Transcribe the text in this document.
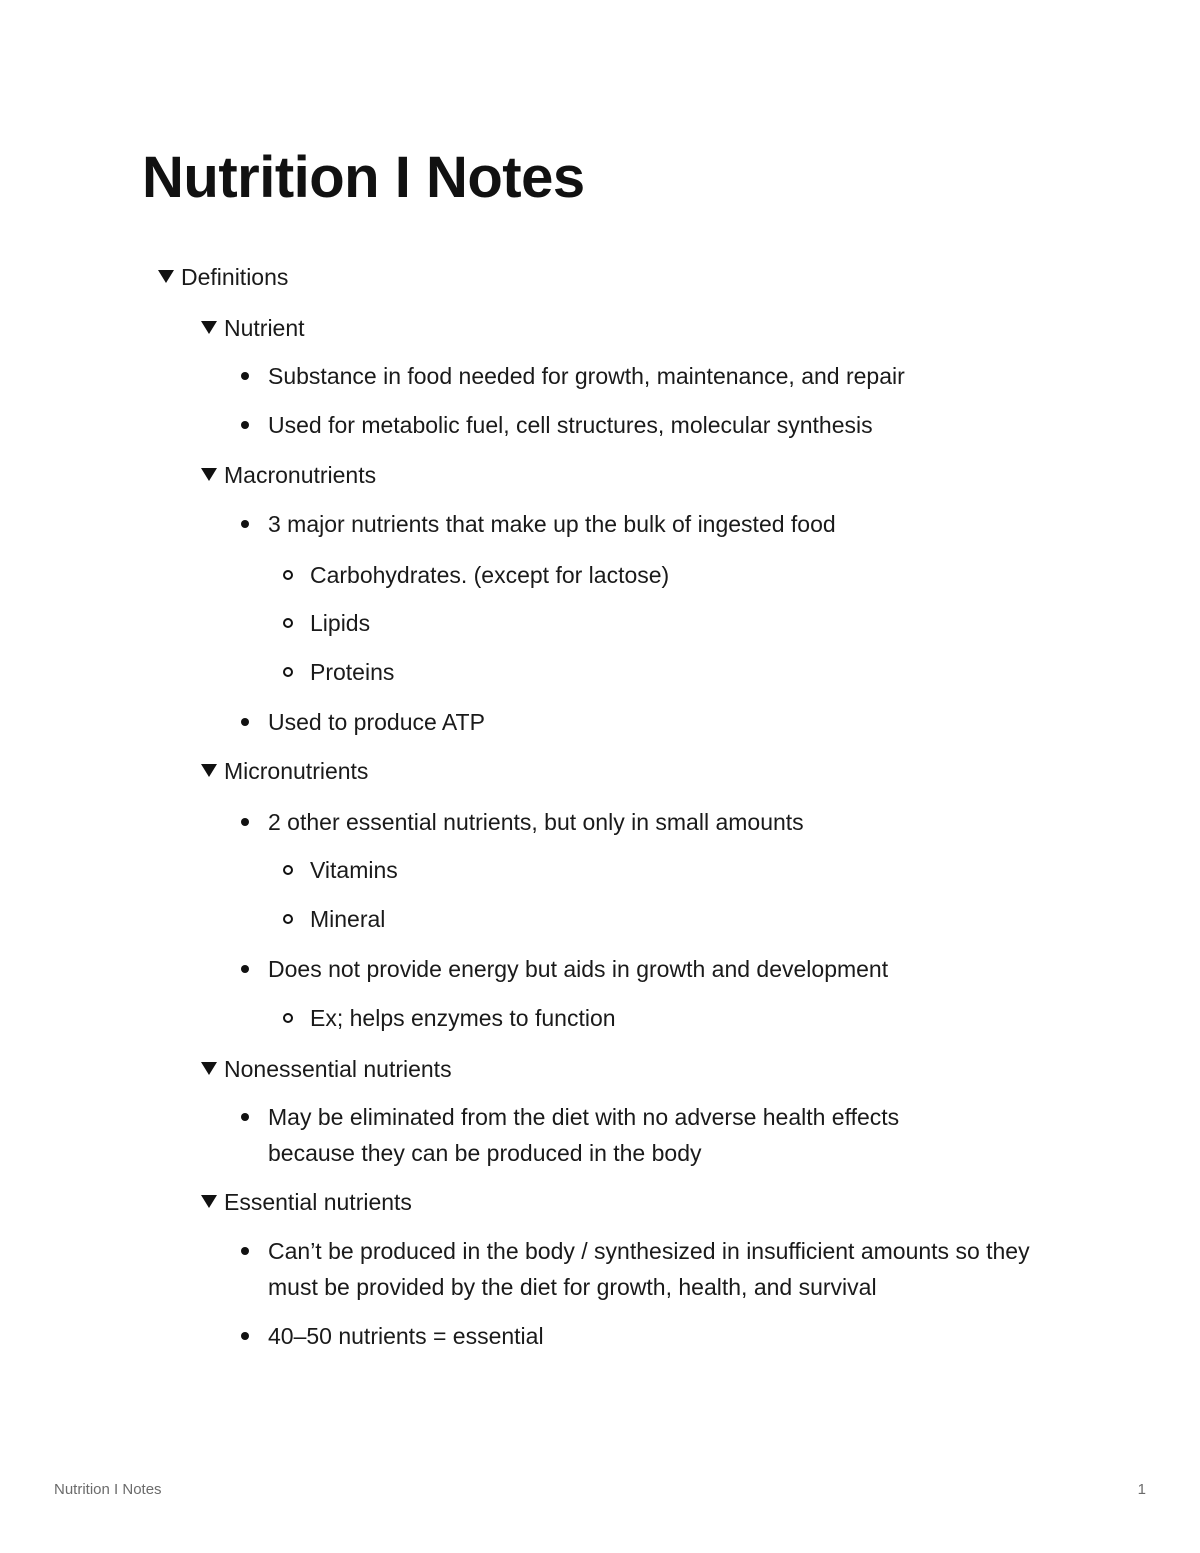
Nutrition I Notes
Definitions
Nutrient
Substance in food needed for growth, maintenance, and repair
Used for metabolic fuel, cell structures, molecular synthesis
Macronutrients
3 major nutrients that make up the bulk of ingested food
Carbohydrates. (except for lactose)
Lipids
Proteins
Used to produce ATP
Micronutrients
2 other essential nutrients, but only in small amounts
Vitamins
Mineral
Does not provide energy but aids in growth and development
Ex; helps enzymes to function
Nonessential nutrients
May be eliminated from the diet with no adverse health effects because they can be produced in the body
Essential nutrients
Can’t be produced in the body / synthesized in insufficient amounts so they must be provided by the diet for growth, health, and survival
40–50 nutrients = essential
Nutrition I Notes	1
